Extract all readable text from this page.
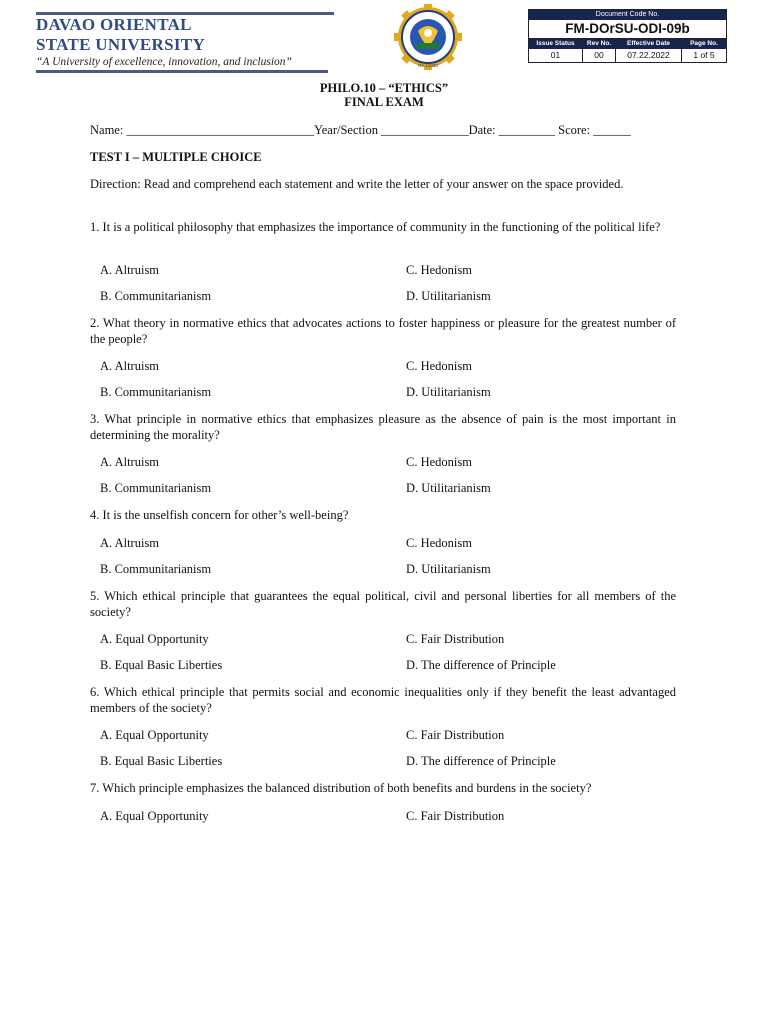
DAVAO ORIENTAL
STATE UNIVERSITY
“A University of excellence, innovation, and inclusion”	RA 11033
Document Code No.
FM-DOrSU-ODI-09b
Issue Status	Rev No.	Effective Date	Page No.
01	00	07.22.2022	1 of 5
PHILO.10 – “ETHICS”
FINAL EXAM
Name: ______________________________Year/Section ______________Date: _________ Score: ______
TEST I – MULTIPLE CHOICE
Direction: Read and comprehend each statement and write the letter of your answer on the space provided.
1. It is a political philosophy that emphasizes the importance of community in the functioning of the political life?
A. Altruism	C. Hedonism
B. Communitarianism	D. Utilitarianism
2. What theory in normative ethics that advocates actions to foster happiness or pleasure for the greatest number of the people?
A. Altruism	C. Hedonism
B. Communitarianism	D. Utilitarianism
3. What principle in normative ethics that emphasizes pleasure as the absence of pain is the most important in determining the morality?
A. Altruism	C. Hedonism
B. Communitarianism	D. Utilitarianism
4. It is the unselfish concern for other’s well-being?
A. Altruism	C. Hedonism
B. Communitarianism	D. Utilitarianism
5. Which ethical principle that guarantees the equal political, civil and personal liberties for all members of the society?
A. Equal Opportunity	C. Fair Distribution
B. Equal Basic Liberties	D. The difference of Principle
6. Which ethical principle that permits social and economic inequalities only if they benefit the least advantaged members of the society?
A. Equal Opportunity	C. Fair Distribution
B. Equal Basic Liberties	D. The difference of Principle
7. Which principle emphasizes the balanced distribution of both benefits and burdens in the society?
A. Equal Opportunity	C. Fair Distribution
